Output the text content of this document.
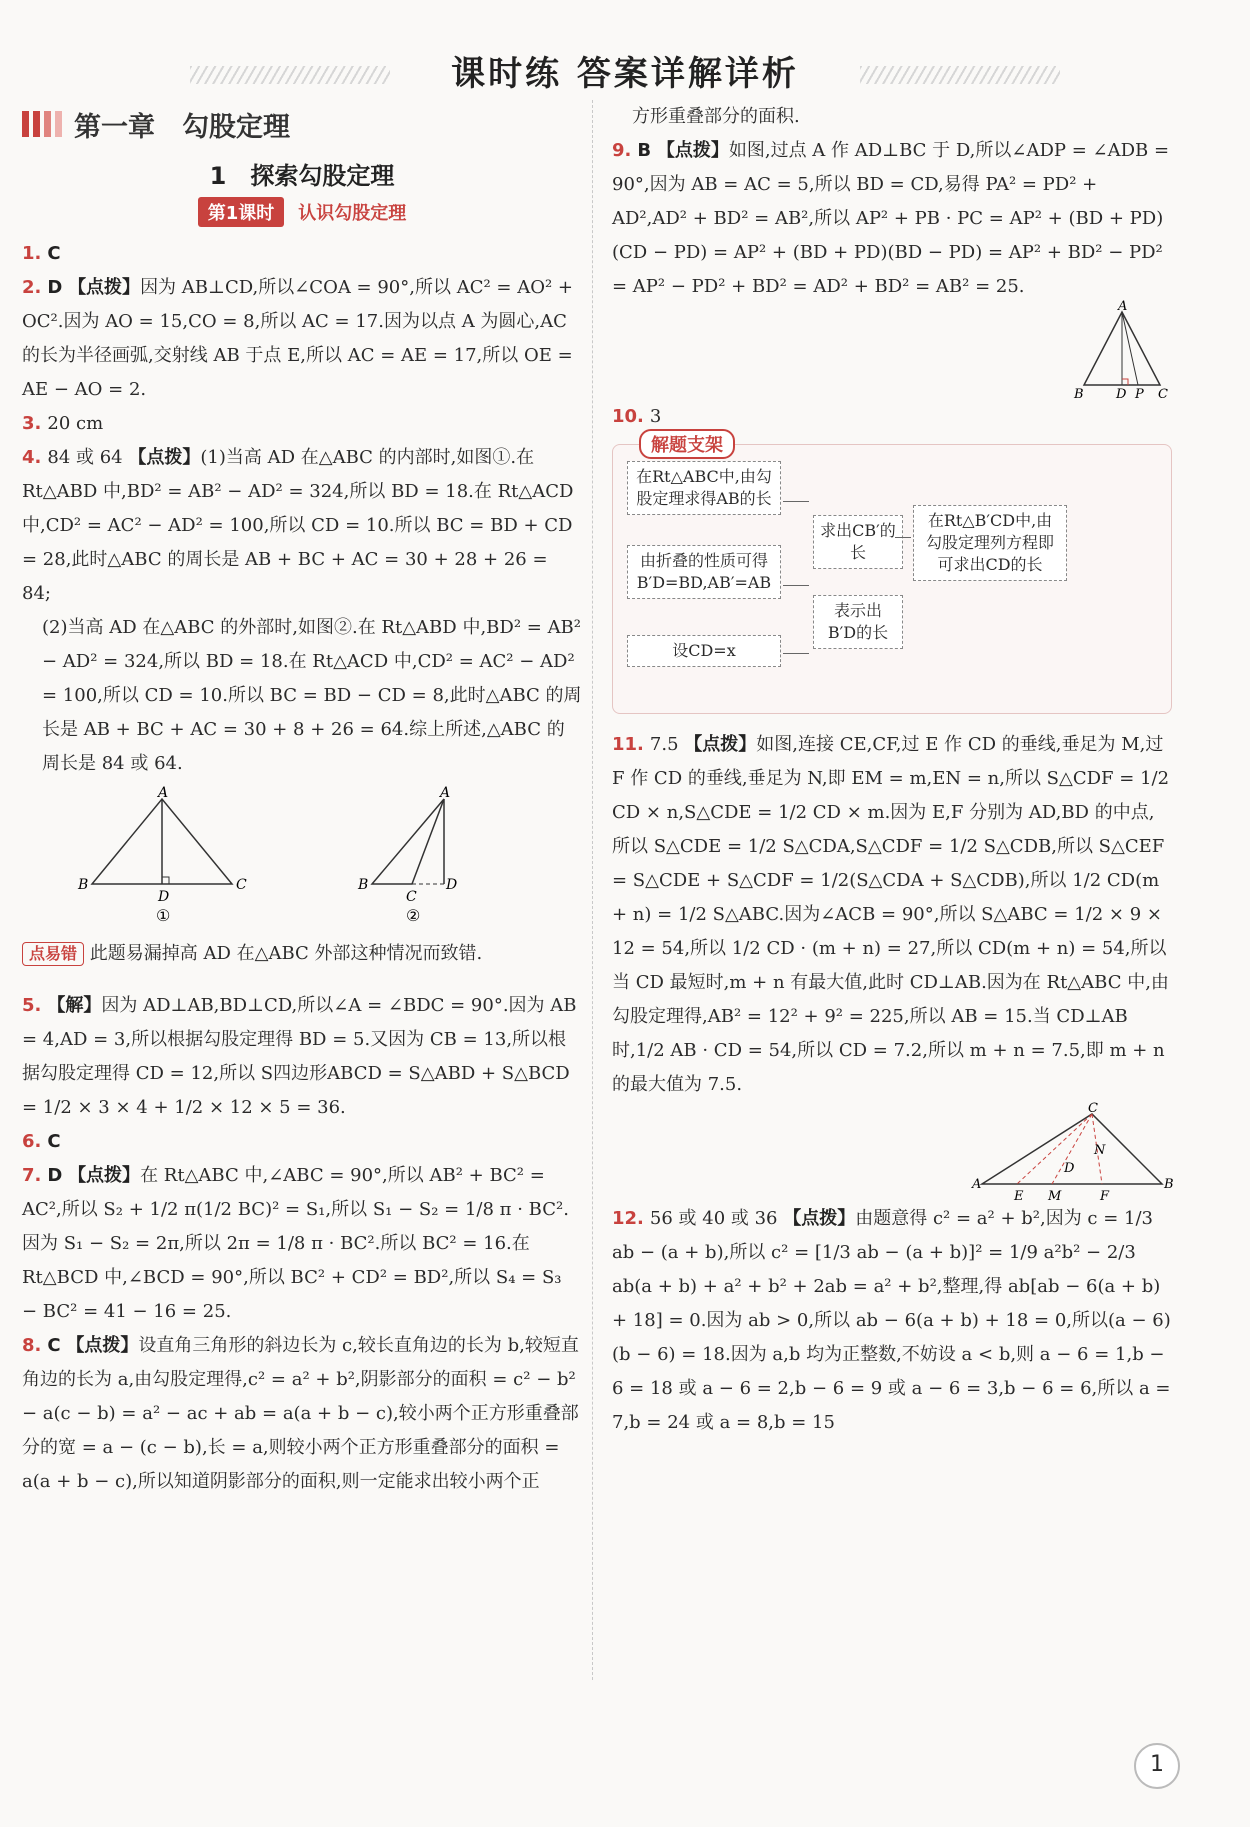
课时练 答案详解详析
第一章　勾股定理
1　探索勾股定理
第1课时	认识勾股定理

1. C

2. D 【点拨】因为 AB⊥CD,所以∠COA = 90°,所以 AC² = AO² + OC².因为 AO = 15,CO = 8,所以 AC = 17.因为以点 A 为圆心,AC 的长为半径画弧,交射线 AB 于点 E,所以 AC = AE = 17,所以 OE = AE − AO = 2.

3. 20 cm

4. 84 或 64 【点拨】(1)当高 AD 在△ABC 的内部时,如图①.在 Rt△ABD 中,BD² = AB² − AD² = 324,所以 BD = 18.在 Rt△ACD 中,CD² = AC² − AD² = 100,所以 CD = 10.所以 BC = BD + CD = 28,此时△ABC 的周长是 AB + BC + AC = 30 + 28 + 26 = 84;

(2)当高 AD 在△ABC 的外部时,如图②.在 Rt△ABD 中,BD² = AB² − AD² = 324,所以 BD = 18.在 Rt△ACD 中,CD² = AC² − AD² = 100,所以 CD = 10.所以 BC = BD − CD = 8,此时△ABC 的周长是 AB + BC + AC = 30 + 8 + 26 = 64.综上所述,△ABC 的周长是 84 或 64.

A
B	C
D
①
A
B
C
D
②

点易错 此题易漏掉高 AD 在△ABC 外部这种情况而致错.

5. 【解】因为 AD⊥AB,BD⊥CD,所以∠A = ∠BDC = 90°.因为 AB = 4,AD = 3,所以根据勾股定理得 BD = 5.又因为 CB = 13,所以根据勾股定理得 CD = 12,所以 S四边形ABCD = S△ABD + S△BCD = 1/2 × 3 × 4 + 1/2 × 12 × 5 = 36.

6. C

7. D 【点拨】在 Rt△ABC 中,∠ABC = 90°,所以 AB² + BC² = AC²,所以 S₂ + 1/2 π(1/2 BC)² = S₁,所以 S₁ − S₂ = 1/8 π · BC².因为 S₁ − S₂ = 2π,所以 2π = 1/8 π · BC².所以 BC² = 16.在 Rt△BCD 中,∠BCD = 90°,所以 BC² + CD² = BD²,所以 S₄ = S₃ − BC² = 41 − 16 = 25.

8. C 【点拨】设直角三角形的斜边长为 c,较长直角边的长为 b,较短直角边的长为 a,由勾股定理得,c² = a² + b²,阴影部分的面积 = c² − b² − a(c − b) = a² − ac + ab = a(a + b − c),较小两个正方形重叠部分的宽 = a − (c − b),长 = a,则较小两个正方形重叠部分的面积 = a(a + b − c),所以知道阴影部分的面积,则一定能求出较小两个正

方形重叠部分的面积.

9. B 【点拨】如图,过点 A 作 AD⊥BC 于 D,所以∠ADP = ∠ADB = 90°,因为 AB = AC = 5,所以 BD = CD,易得 PA² = PD² + AD²,AD² + BD² = AB²,所以 AP² + PB · PC = AP² + (BD + PD)(CD − PD) = AP² + (BD + PD)(BD − PD) = AP² + BD² − PD² = AP² − PD² + BD² = AD² + BD² = AB² = 25.

A
B D P C

10. 3

解题支架
在Rt△ABC中,由勾股定理求得AB的长
由折叠的性质可得B′D=BD,AB′=AB
设CD=x
求出CB′的长
表示出B′D的长
在Rt△B′CD中,由勾股定理列方程即可求出CD的长

11. 7.5 【点拨】如图,连接 CE,CF,过 E 作 CD 的垂线,垂足为 M,过 F 作 CD 的垂线,垂足为 N,即 EM = m,EN = n,所以 S△CDF = 1/2 CD × n,S△CDE = 1/2 CD × m.因为 E,F 分别为 AD,BD 的中点,所以 S△CDE = 1/2 S△CDA,S△CDF = 1/2 S△CDB,所以 S△CEF = S△CDE + S△CDF = 1/2(S△CDA + S△CDB),所以 1/2 CD(m + n) = 1/2 S△ABC.因为∠ACB = 90°,所以 S△ABC = 1/2 × 9 × 12 = 54,所以 1/2 CD · (m + n) = 27,所以 CD(m + n) = 54,所以当 CD 最短时,m + n 有最大值,此时 CD⊥AB.因为在 Rt△ABC 中,由勾股定理得,AB² = 12² + 9² = 225,所以 AB = 15.当 CD⊥AB 时,1/2 AB · CD = 54,所以 CD = 7.2,所以 m + n = 7.5,即 m + n 的最大值为 7.5.

C
A	B
D
E M	F
N

12. 56 或 40 或 36 【点拨】由题意得 c² = a² + b²,因为 c = 1/3 ab − (a + b),所以 c² = [1/3 ab − (a + b)]² = 1/9 a²b² − 2/3 ab(a + b) + a² + b² + 2ab = a² + b²,整理,得 ab[ab − 6(a + b) + 18] = 0.因为 ab > 0,所以 ab − 6(a + b) + 18 = 0,所以(a − 6)(b − 6) = 18.因为 a,b 均为正整数,不妨设 a < b,则 a − 6 = 1,b − 6 = 18 或 a − 6 = 2,b − 6 = 9 或 a − 6 = 3,b − 6 = 6,所以 a = 7,b = 24 或 a = 8,b = 15

1
